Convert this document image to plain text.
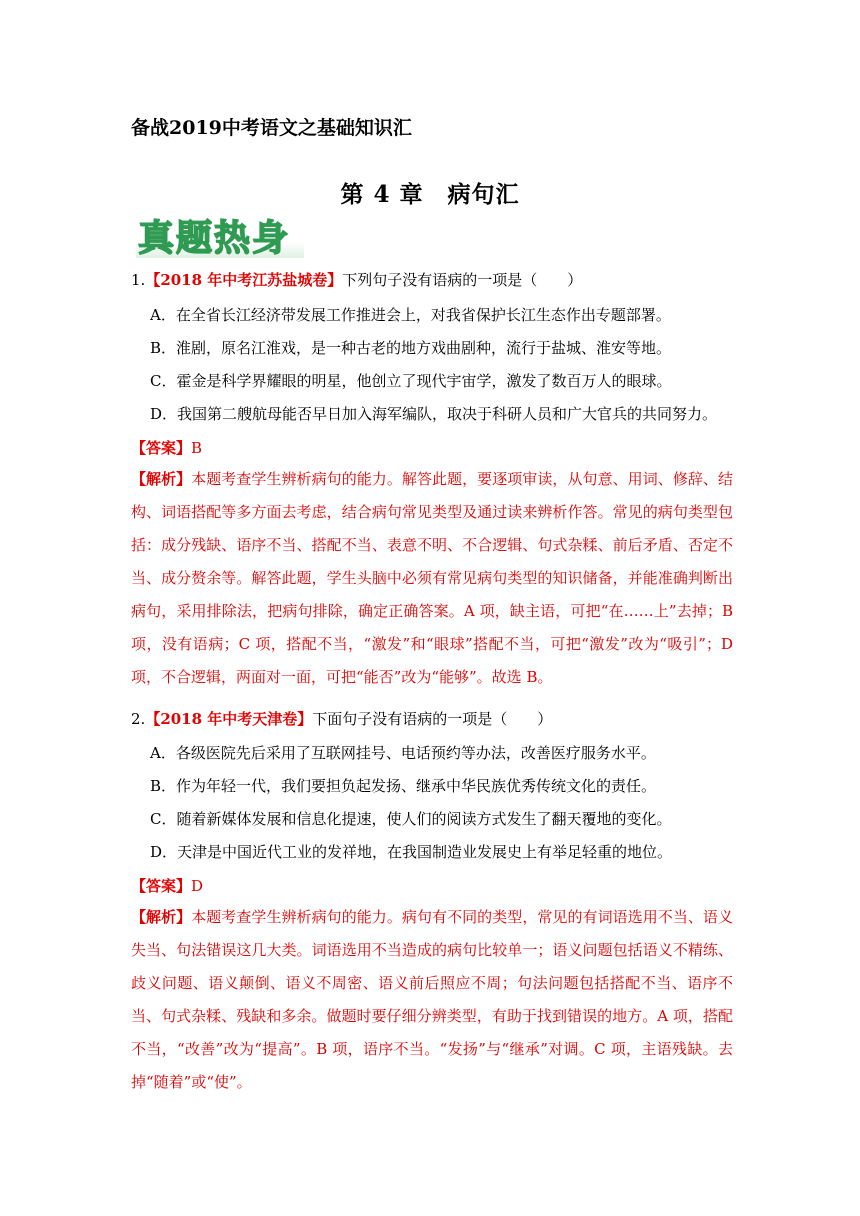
备战2019中考语文之基础知识汇
第 4 章　病句汇
真题热身
1.【2018 年中考江苏盐城卷】下列句子没有语病的一项是（　　）
A．在全省长江经济带发展工作推进会上，对我省保护长江生态作出专题部署。
B．淮剧，原名江淮戏，是一种古老的地方戏曲剧种，流行于盐城、淮安等地。
C．霍金是科学界耀眼的明星，他创立了现代宇宙学，激发了数百万人的眼球。
D．我国第二艘航母能否早日加入海军编队，取决于科研人员和广大官兵的共同努力。
【答案】B
【解析】本题考查学生辨析病句的能力。解答此题，要逐项审读，从句意、用词、修辞、结构、词语搭配等多方面去考虑，结合病句常见类型及通过读来辨析作答。常见的病句类型包括：成分残缺、语序不当、搭配不当、表意不明、不合逻辑、句式杂糅、前后矛盾、否定不当、成分赘余等。解答此题，学生头脑中必须有常见病句类型的知识储备，并能准确判断出病句，采用排除法，把病句排除，确定正确答案。A 项，缺主语，可把“在……上”去掉；B 项，没有语病；C 项，搭配不当，“激发”和“眼球”搭配不当，可把“激发”改为“吸引”；D 项，不合逻辑，两面对一面，可把“能否”改为“能够”。故选 B。
2.【2018 年中考天津卷】下面句子没有语病的一项是（　　）
A．各级医院先后采用了互联网挂号、电话预约等办法，改善医疗服务水平。
B．作为年轻一代，我们要担负起发扬、继承中华民族优秀传统文化的责任。
C．随着新媒体发展和信息化提速，使人们的阅读方式发生了翻天覆地的变化。
D．天津是中国近代工业的发祥地，在我国制造业发展史上有举足轻重的地位。
【答案】D
【解析】本题考查学生辨析病句的能力。病句有不同的类型，常见的有词语选用不当、语义失当、句法错误这几大类。词语选用不当造成的病句比较单一；语义问题包括语义不精练、歧义问题、语义颠倒、语义不周密、语义前后照应不周；句法问题包括搭配不当、语序不当、句式杂糅、残缺和多余。做题时要仔细分辨类型，有助于找到错误的地方。A 项，搭配不当，“改善”改为“提高”。B 项，语序不当。“发扬”与“继承”对调。C 项，主语残缺。去掉“随着”或“使”。
